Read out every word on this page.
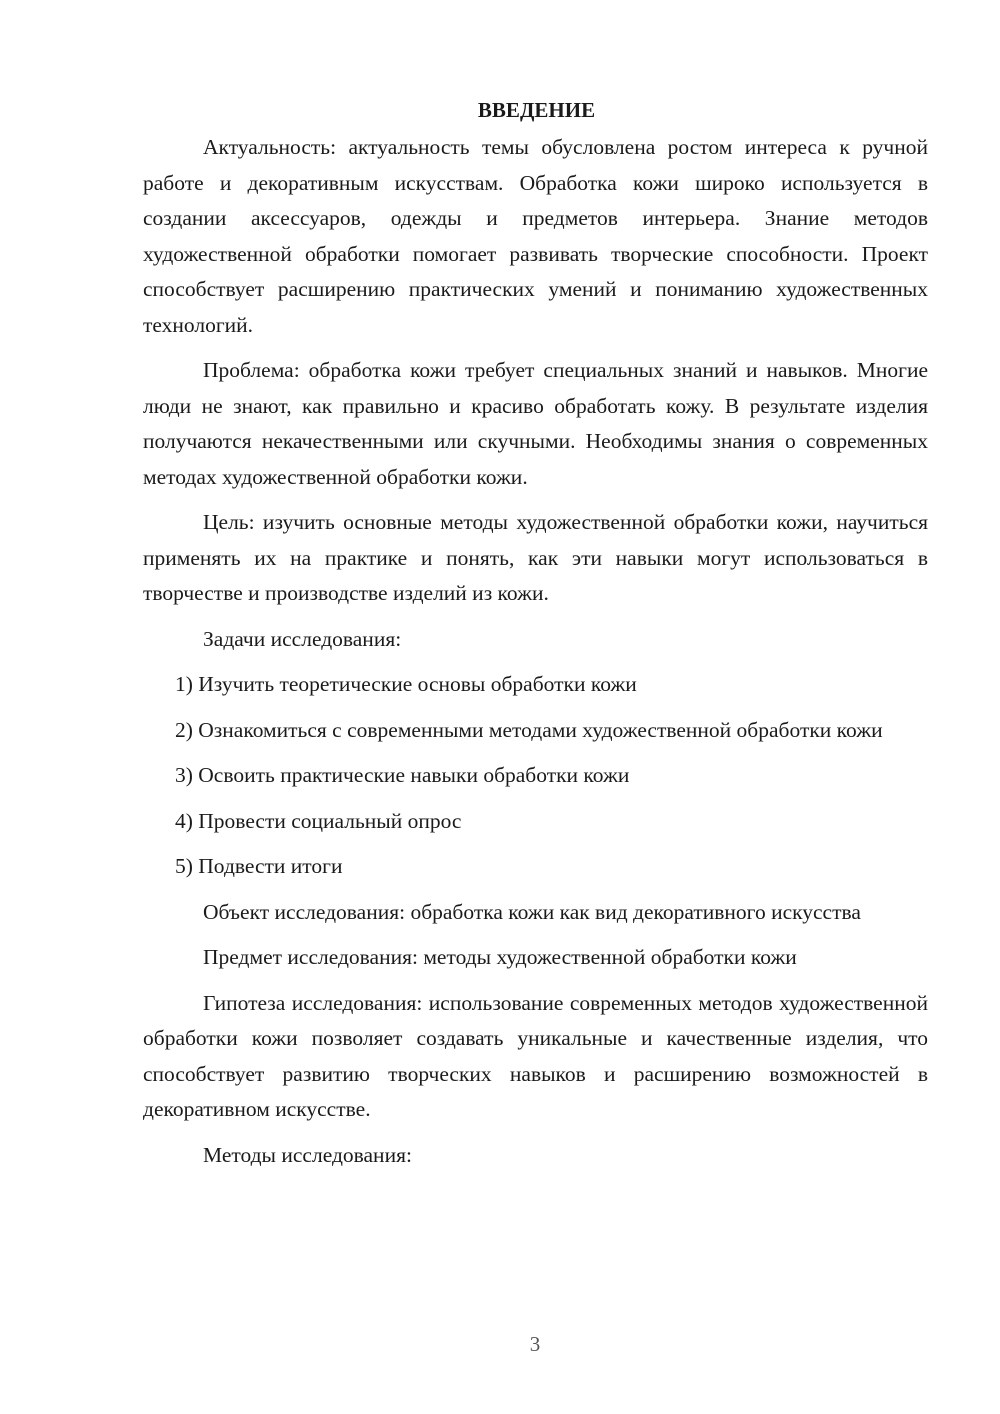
ВВЕДЕНИЕ

Актуальность: актуальность темы обусловлена ростом интереса к ручной работе и декоративным искусствам. Обработка кожи широко используется в создании аксессуаров, одежды и предметов интерьера. Знание методов художественной обработки помогает развивать творческие способности. Проект способствует расширению практических умений и пониманию художественных технологий.

Проблема: обработка кожи требует специальных знаний и навыков. Многие люди не знают, как правильно и красиво обработать кожу. В результате изделия получаются некачественными или скучными. Необходимы знания о современных методах художественной обработки кожи.

Цель: изучить основные методы художественной обработки кожи, научиться применять их на практике и понять, как эти навыки могут использоваться в творчестве и производстве изделий из кожи.

Задачи исследования:

1) Изучить теоретические основы обработки кожи

2) Ознакомиться с современными методами художественной обработки кожи

3) Освоить практические навыки обработки кожи

4) Провести социальный опрос

5) Подвести итоги

Объект исследования: обработка кожи как вид декоративного искусства

Предмет исследования: методы художественной обработки кожи

Гипотеза исследования: использование современных методов художественной обработки кожи позволяет создавать уникальные и качественные изделия, что способствует развитию творческих навыков и расширению возможностей в декоративном искусстве.

Методы исследования:

3
